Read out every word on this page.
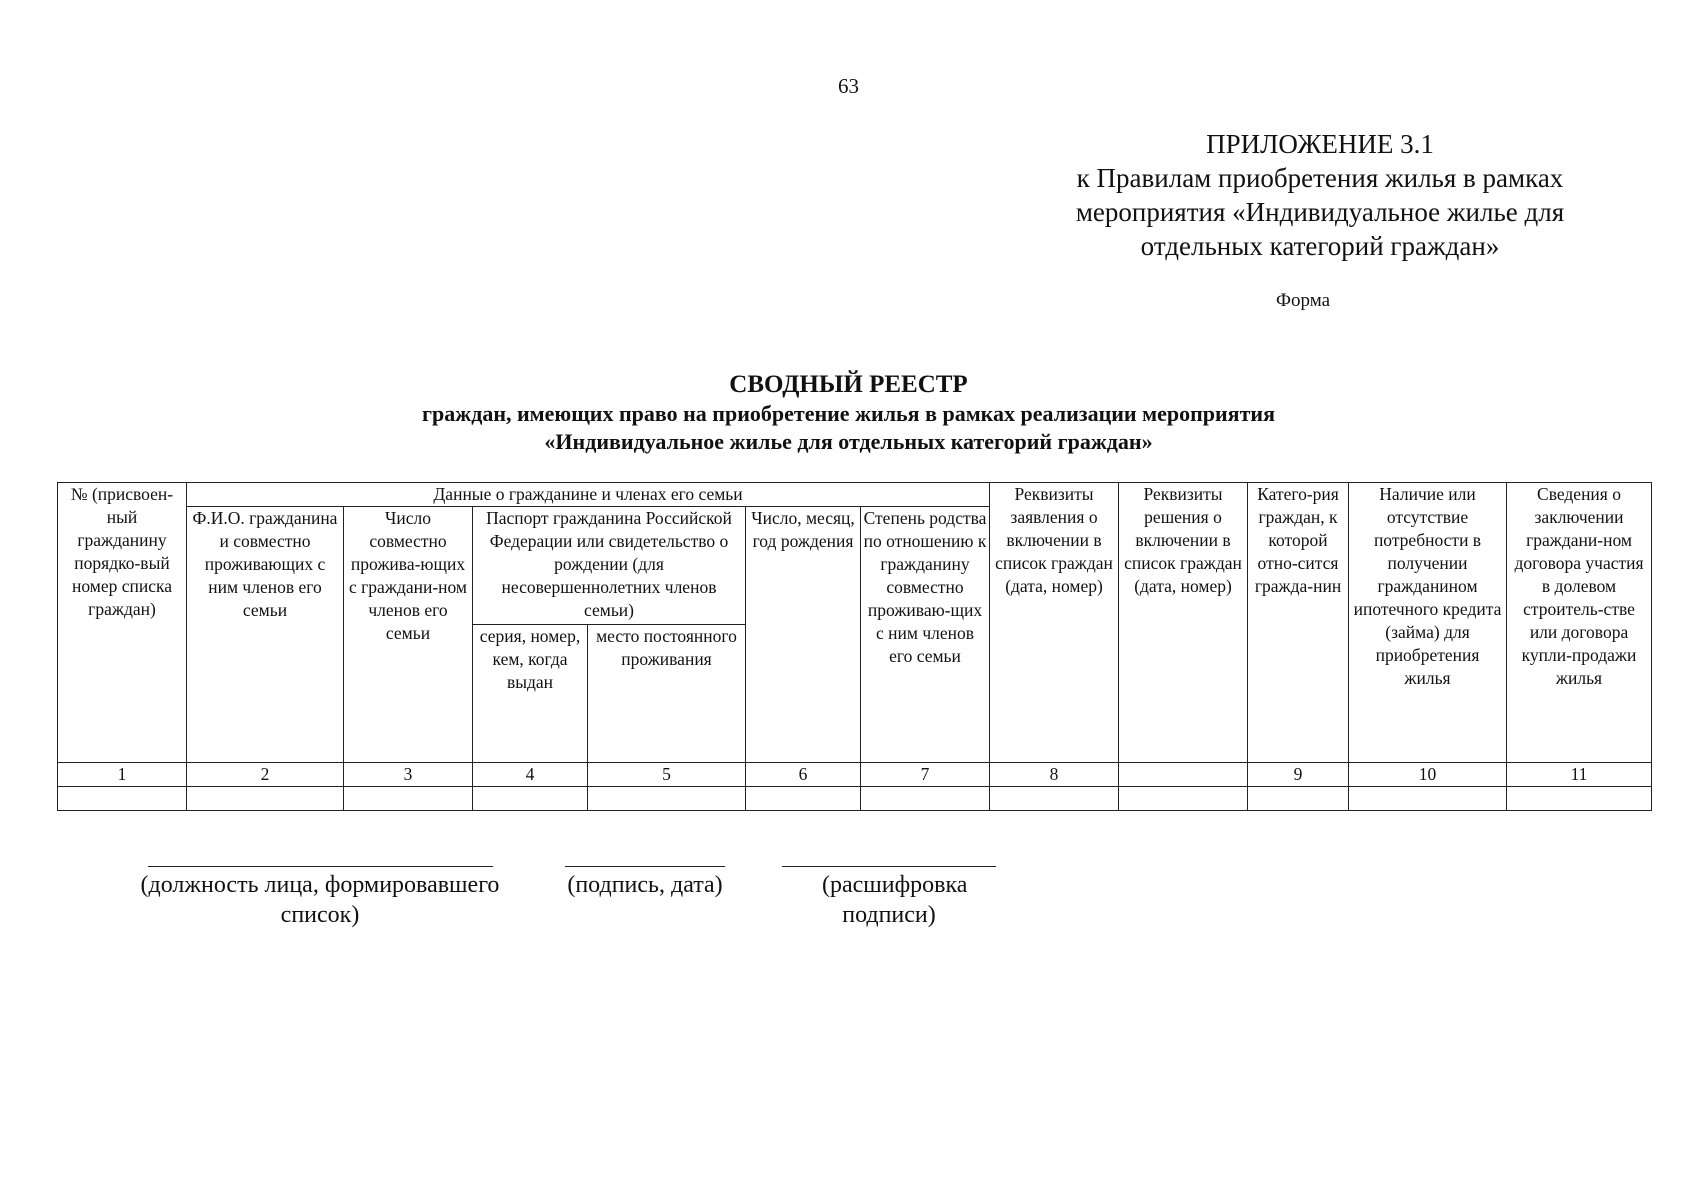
63
ПРИЛОЖЕНИЕ 3.1
к Правилам приобретения жилья в рамках
мероприятия «Индивидуальное жилье для
отдельных категорий граждан»
Форма
СВОДНЫЙ РЕЕСТР
граждан, имеющих право на приобретение жилья в рамках реализации мероприятия
«Индивидуальное жилье для отдельных категорий граждан»
№ (присвоен-ный гражданину порядко-вый номер списка граждан)	Данные о гражданине и членах его семьи						Реквизиты заявления о включении в список граждан (дата, номер)	Реквизиты решения о включении в список граждан (дата, номер)	Катего-рия граждан, к которой отно-сится гражда-нин	Наличие или отсутствие потребности в получении гражданином ипотечного кредита (займа) для приобретения жилья	Сведения о заключении граждани-ном договора участия в долевом строитель-стве или договора купли-продажи жилья
	Ф.И.О. гражданина и совместно проживающих с ним членов его семьи	Число совместно прожива-ющих с граждани-ном членов его семьи	Паспорт гражданина Российской Федерации или свидетельство о рождении (для несовершеннолетних членов семьи)		Число, месяц, год рождения	Степень родства по отношению к гражданину совместно проживаю-щих с ним членов его семьи					
			серия, номер, кем, когда выдан	место постоянного проживания							
1	2	3	4	5	6	7	8		9	10	11

(должность лица, формировавшего список)
(подпись, дата)	(расшифровка подписи)
